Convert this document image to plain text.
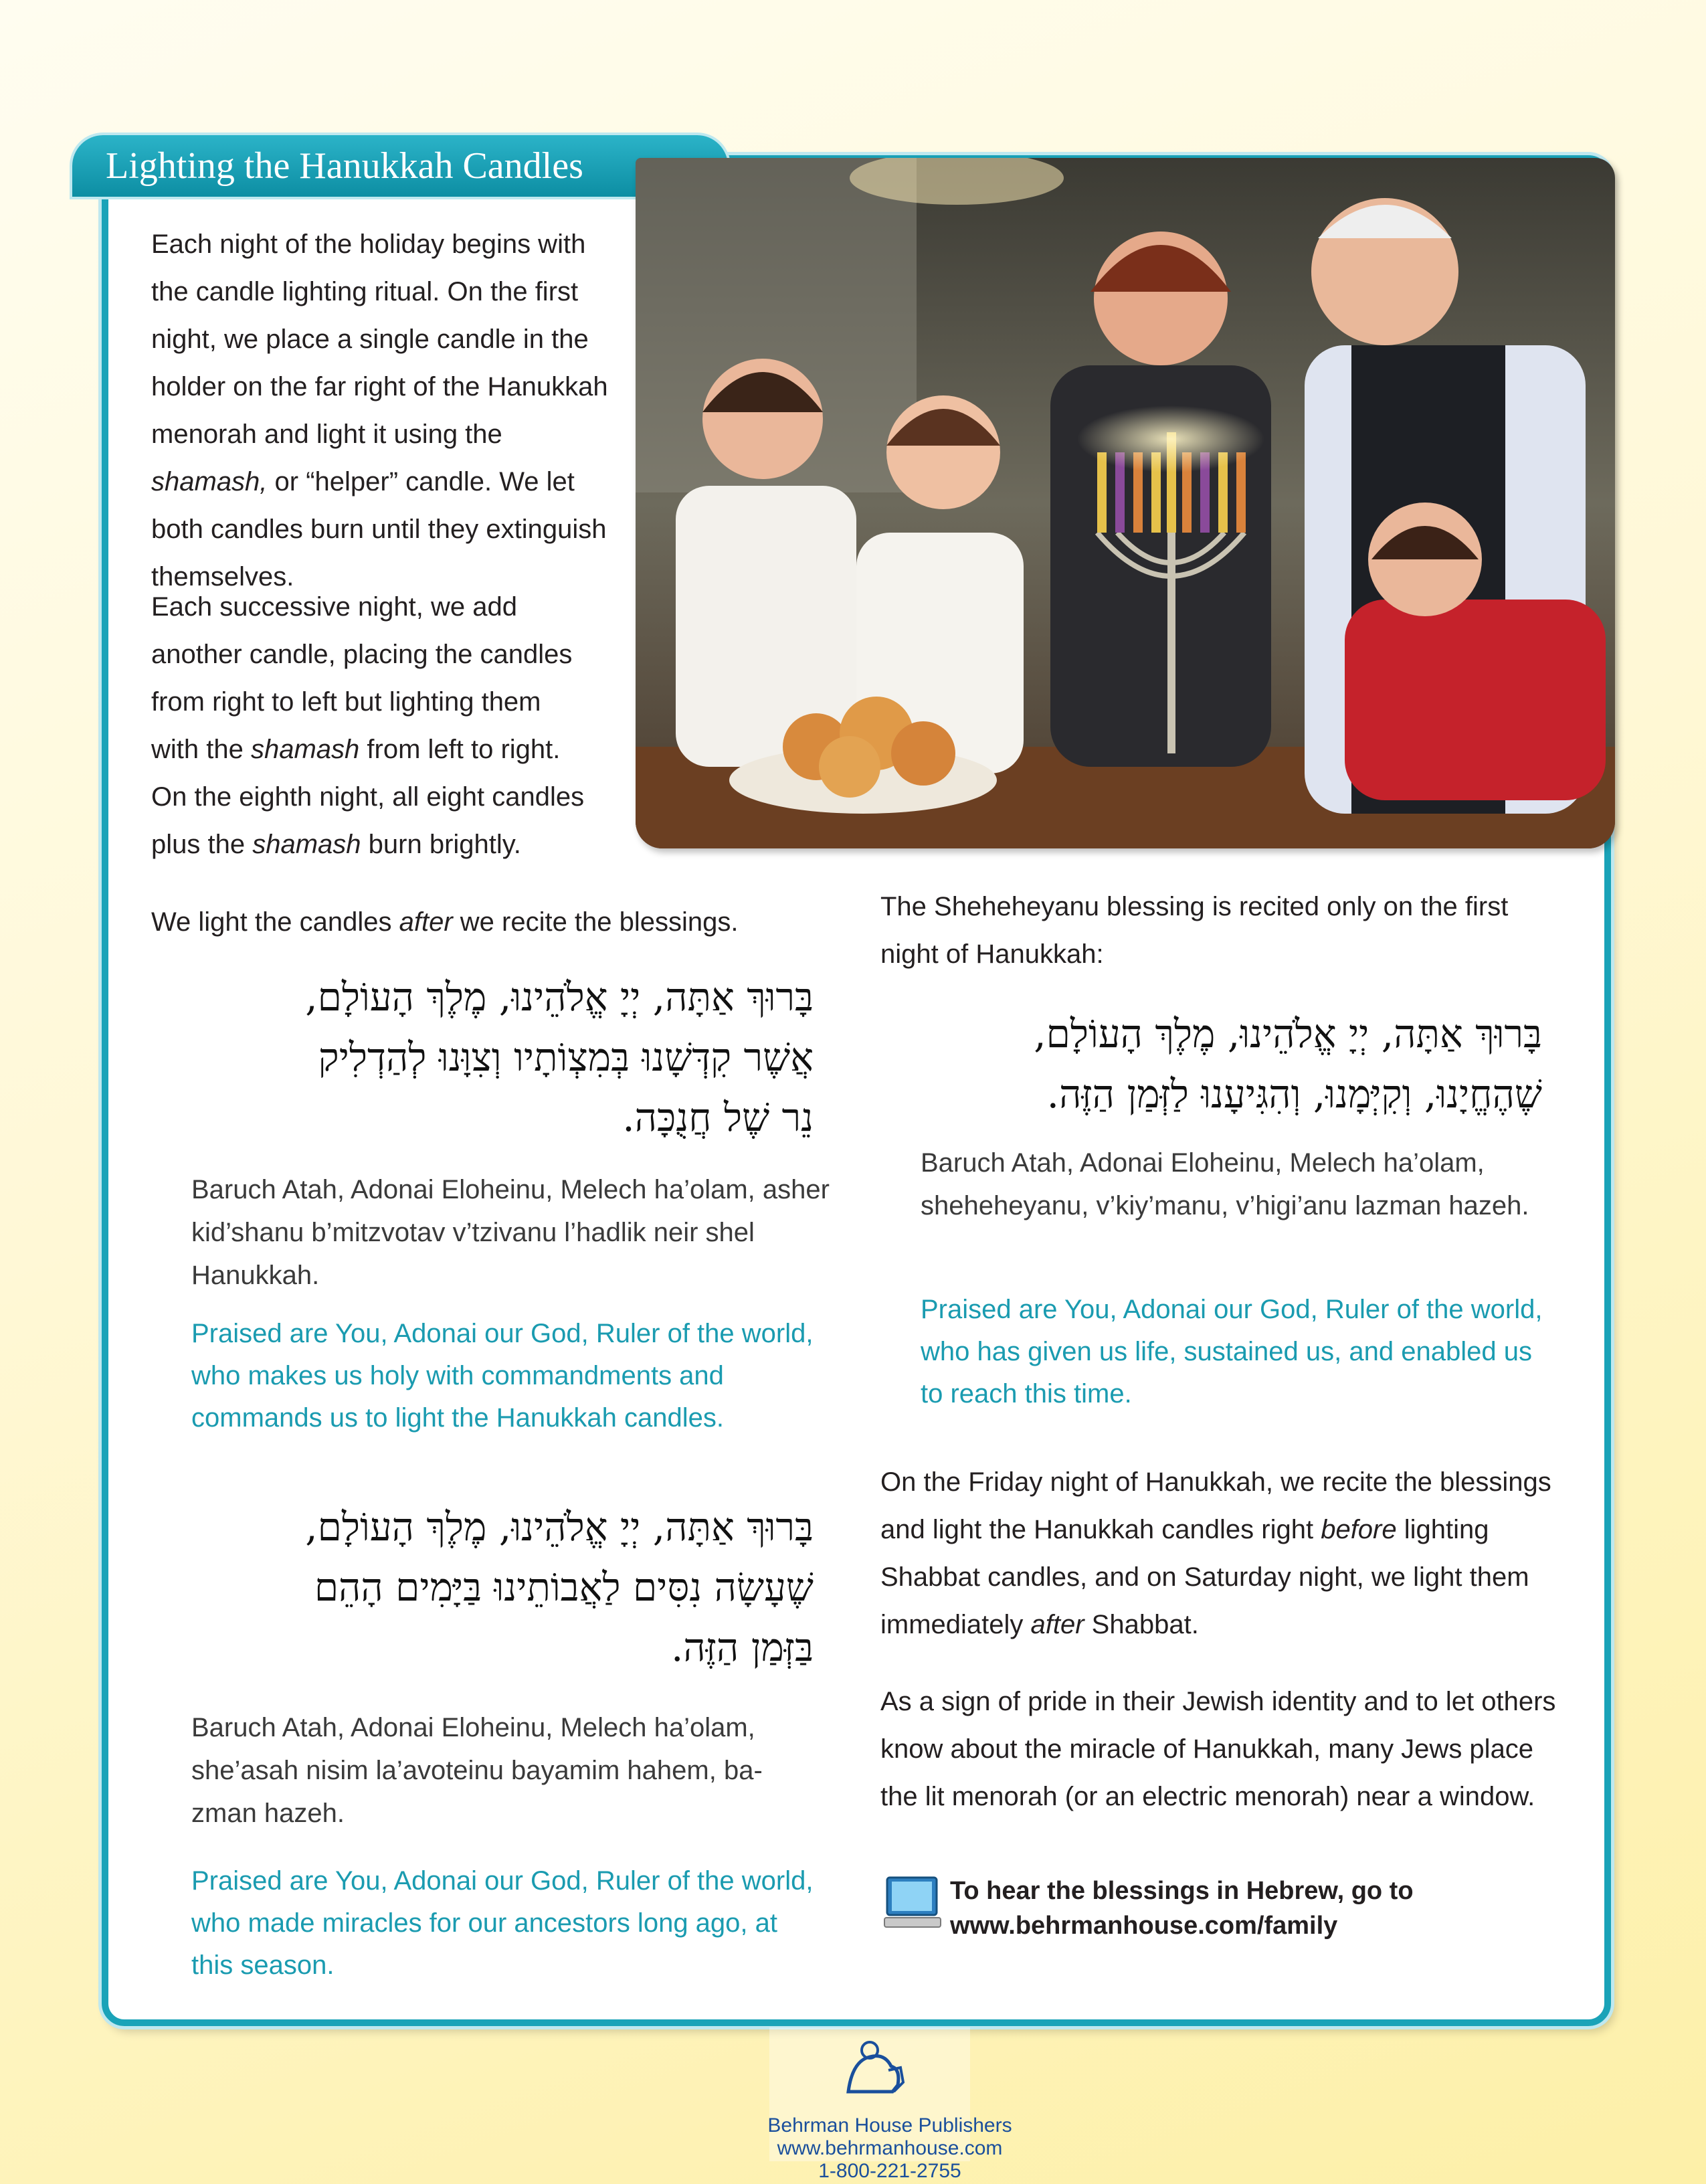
Lighting the Hanukkah Candles
Each night of the holiday begins with the candle lighting ritual. On the first night, we place a single candle in the holder on the far right of the Hanukkah menorah and light it using the shamash, or “helper” candle. We let both candles burn until they extinguish themselves.
Each successive night, we add another candle, placing the candles from right to left but lighting them with the shamash from left to right. On the eighth night, all eight candles plus the shamash burn brightly.
We light the candles after we recite the blessings.
בָּרוּךְ אַתָּה, יְיָ אֱלֹהֵינוּ, מֶלֶךְ הָעוֹלָם,
אֲשֶׁר קִדְּשָׁנוּ בְּמִצְוֹתָיו וְצִוָּנוּ לְהַדְלִיק
נֵר שֶׁל חֲנֻכָּה.
Baruch Atah, Adonai Eloheinu, Melech ha’olam, asher kid’shanu b’mitzvotav v’tzivanu l’hadlik neir shel Hanukkah.
Praised are You, Adonai our God, Ruler of the world, who makes us holy with commandments and commands us to light the Hanukkah candles.
בָּרוּךְ אַתָּה, יְיָ אֱלֹהֵינוּ, מֶלֶךְ הָעוֹלָם,
שֶׁעָשָׂה נִסִּים לַאֲבוֹתֵינוּ בַּיָּמִים הָהֵם
בַּזְּמַן הַזֶּה.
Baruch Atah, Adonai Eloheinu, Melech ha’olam, she’asah nisim la’avoteinu bayamim hahem, ba-zman hazeh.
Praised are You, Adonai our God, Ruler of the world, who made miracles for our ancestors long ago, at this season.
The Sheheheyanu blessing is recited only on the first night of Hanukkah:
בָּרוּךְ אַתָּה, יְיָ אֱלֹהֵינוּ, מֶלֶךְ הָעוֹלָם,
שֶׁהֶחֱיָנוּ, וְקִיְּמָנוּ, וְהִגִּיעָנוּ לַזְּמַן הַזֶּה.
Baruch Atah, Adonai Eloheinu, Melech ha’olam, sheheheyanu, v’kiy’manu, v’higi’anu lazman hazeh.
Praised are You, Adonai our God, Ruler of the world, who has given us life, sustained us, and enabled us to reach this time.
On the Friday night of Hanukkah, we recite the blessings and light the Hanukkah candles right before lighting Shabbat candles, and on Saturday night, we light them immediately after Shabbat.
As a sign of pride in their Jewish identity and to let others know about the miracle of Hanukkah, many Jews place the lit menorah (or an electric menorah) near a window.
To hear the blessings in Hebrew, go to
www.behrmanhouse.com/family
Behrman House Publishers
www.behrmanhouse.com
1-800-221-2755
